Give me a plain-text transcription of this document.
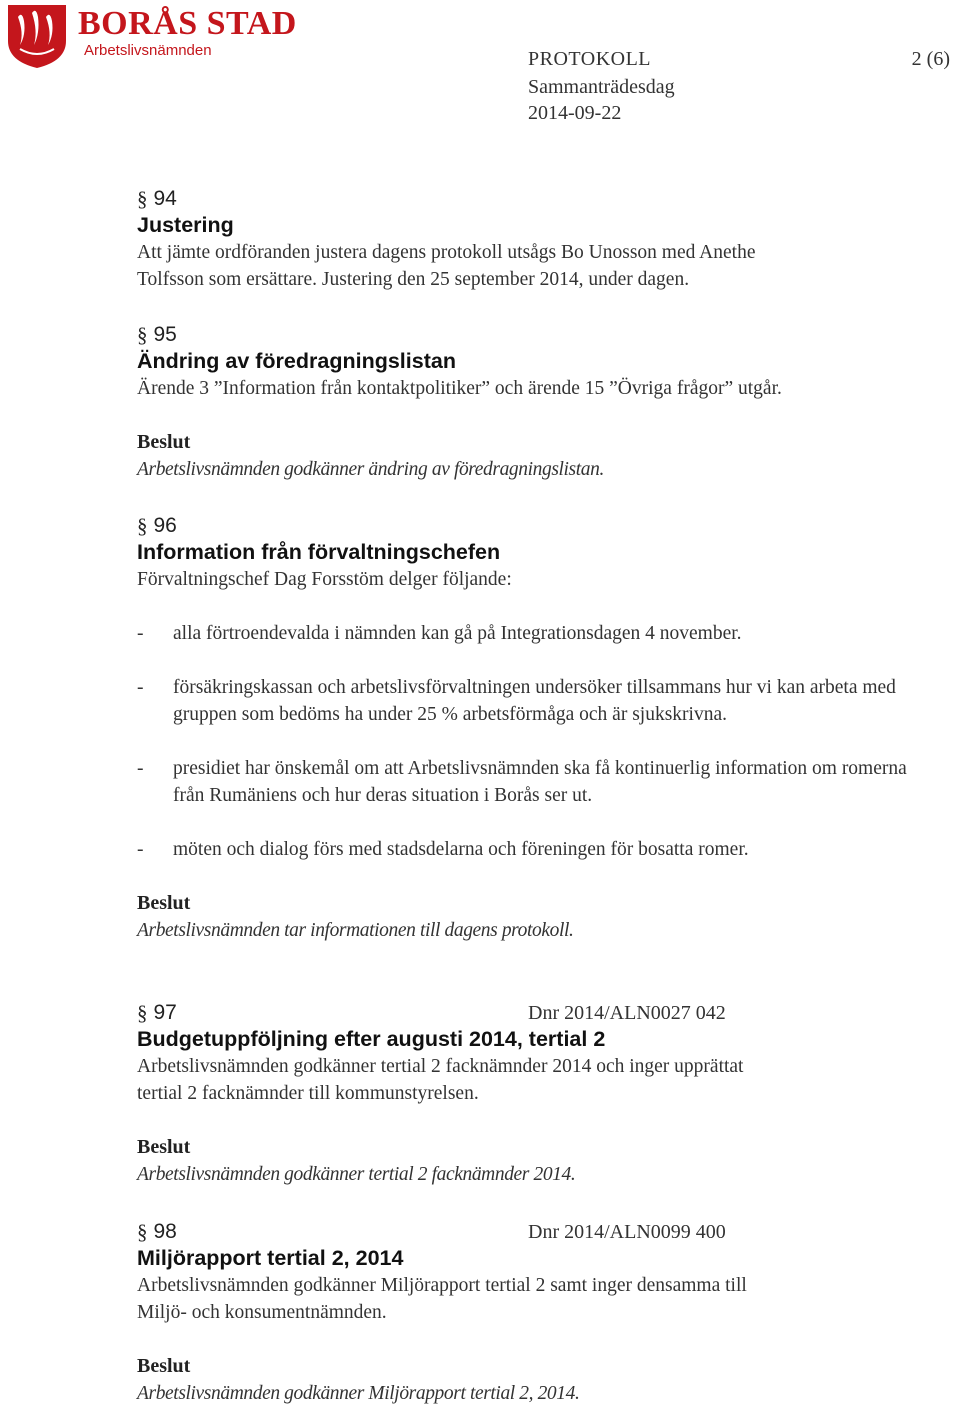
BORÅS STAD
Arbetslivsnämnden	PROTOKOLL
Sammanträdesdag
2014-09-22
2 (6)
§ 94
Justering
Att jämte ordföranden justera dagens protokoll utsågs Bo Unosson med Anethe
Tolfsson som ersättare. Justering den 25 september 2014, under dagen.
§ 95
Ändring av föredragningslistan
Ärende 3 ”Information från kontaktpolitiker” och ärende 15 ”Övriga frågor” utgår.
Beslut
Arbetslivsnämnden godkänner ändring av föredragningslistan.
§ 96
Information från förvaltningschefen
Förvaltningschef Dag Forsstöm delger följande:
- alla förtroendevalda i nämnden kan gå på Integrationsdagen 4 november.
- försäkringskassan och arbetslivsförvaltningen undersöker tillsammans hur vi kan arbeta med gruppen som bedöms ha under 25 % arbetsförmåga och är sjukskrivna.
- presidiet har önskemål om att Arbetslivsnämnden ska få kontinuerlig information om romerna från Rumäniens och hur deras situation i Borås ser ut.
- möten och dialog förs med stadsdelarna och föreningen för bosatta romer.
Beslut
Arbetslivsnämnden tar informationen till dagens protokoll.
§ 97	Dnr 2014/ALN0027 042
Budgetuppföljning efter augusti 2014, tertial 2
Arbetslivsnämnden godkänner tertial 2 facknämnder 2014 och inger upprättat
tertial 2 facknämnder till kommunstyrelsen.
Beslut
Arbetslivsnämnden godkänner tertial 2 facknämnder 2014.
§ 98	Dnr 2014/ALN0099 400
Miljörapport tertial 2, 2014
Arbetslivsnämnden godkänner Miljörapport tertial 2 samt inger densamma till
Miljö- och konsumentnämnden.
Beslut
Arbetslivsnämnden godkänner Miljörapport tertial 2, 2014.
